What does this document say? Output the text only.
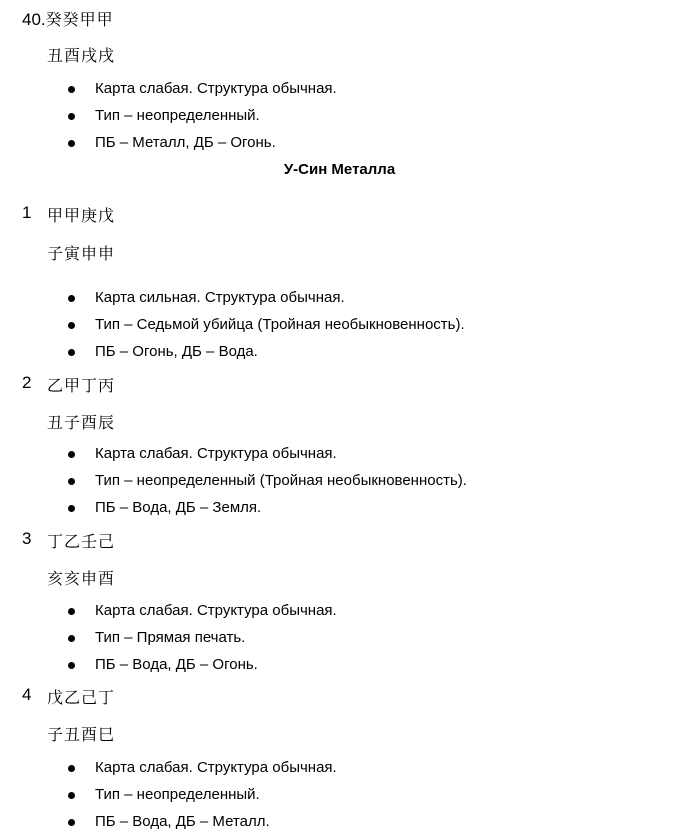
40.癸癸甲甲
丑酉戌戌
Карта слабая. Структура обычная.
Тип – неопределенный.
ПБ – Металл, ДБ – Огонь.
У-Син Металла
1 甲甲庚戊
子寅申申
Карта сильная. Структура обычная.
Тип – Седьмой убийца (Тройная необыкновенность).
ПБ – Огонь, ДБ – Вода.
2 乙甲丁丙
丑子酉辰
Карта слабая. Структура обычная.
Тип – неопределенный (Тройная необыкновенность).
ПБ – Вода, ДБ – Земля.
3 丁乙壬己
亥亥申酉
Карта слабая. Структура обычная.
Тип – Прямая печать.
ПБ – Вода, ДБ – Огонь.
4 戊乙己丁
子丑酉巳
Карта слабая. Структура обычная.
Тип – неопределенный.
ПБ – Вода, ДБ – Металл.
